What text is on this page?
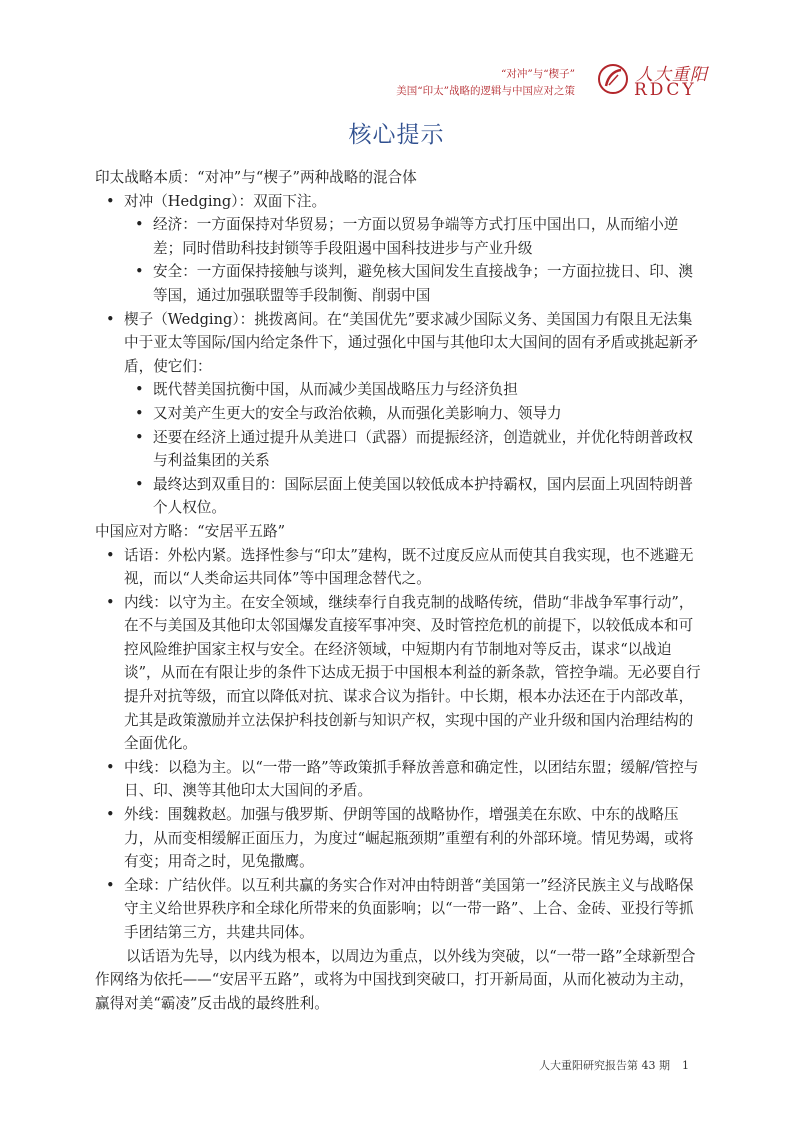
“对冲”与“楔子”
美国“印太”战略的逻辑与中国应对之策
人大重阳
RDCY
核心提示

印太战略本质：“对冲”与“楔子”两种战略的混合体

• 对冲（Hedging）：双面下注。

• 经济：一方面保持对华贸易；一方面以贸易争端等方式打压中国出口，从而缩小逆差；同时借助科技封锁等手段阻遏中国科技进步与产业升级

• 安全：一方面保持接触与谈判，避免核大国间发生直接战争；一方面拉拢日、印、澳等国，通过加强联盟等手段制衡、削弱中国

• 楔子（Wedging）：挑拨离间。在“美国优先”要求减少国际义务、美国国力有限且无法集中于亚太等国际/国内给定条件下，通过强化中国与其他印太大国间的固有矛盾或挑起新矛盾，使它们：

• 既代替美国抗衡中国，从而减少美国战略压力与经济负担

• 又对美产生更大的安全与政治依赖，从而强化美影响力、领导力

• 还要在经济上通过提升从美进口（武器）而提振经济，创造就业，并优化特朗普政权与利益集团的关系

• 最终达到双重目的：国际层面上使美国以较低成本护持霸权，国内层面上巩固特朗普个人权位。

中国应对方略：“安居平五路”

• 话语：外松内紧。选择性参与“印太”建构，既不过度反应从而使其自我实现，也不逃避无视，而以“人类命运共同体”等中国理念替代之。

• 内线：以守为主。在安全领域，继续奉行自我克制的战略传统，借助“非战争军事行动”，在不与美国及其他印太邻国爆发直接军事冲突、及时管控危机的前提下，以较低成本和可控风险维护国家主权与安全。在经济领域，中短期内有节制地对等反击，谋求“以战迫谈”，从而在有限让步的条件下达成无损于中国根本利益的新条款，管控争端。无必要自行提升对抗等级，而宜以降低对抗、谋求合议为指针。中长期，根本办法还在于内部改革，尤其是政策激励并立法保护科技创新与知识产权，实现中国的产业升级和国内治理结构的全面优化。

• 中线：以稳为主。以“一带一路”等政策抓手释放善意和确定性，以团结东盟；缓解/管控与日、印、澳等其他印太大国间的矛盾。

• 外线：围魏救赵。加强与俄罗斯、伊朗等国的战略协作，增强美在东欧、中东的战略压力，从而变相缓解正面压力，为度过“崛起瓶颈期”重塑有利的外部环境。情见势竭，或将有变；用奇之时，见兔撒鹰。

• 全球：广结伙伴。以互利共赢的务实合作对冲由特朗普“美国第一”经济民族主义与战略保守主义给世界秩序和全球化所带来的负面影响；以“一带一路”、上合、金砖、亚投行等抓手团结第三方，共建共同体。

以话语为先导，以内线为根本，以周边为重点，以外线为突破，以“一带一路”全球新型合作网络为依托——“安居平五路”，或将为中国找到突破口，打开新局面，从而化被动为主动，赢得对美“霸凌”反击战的最终胜利。

人大重阳研究报告第 43 期 1
